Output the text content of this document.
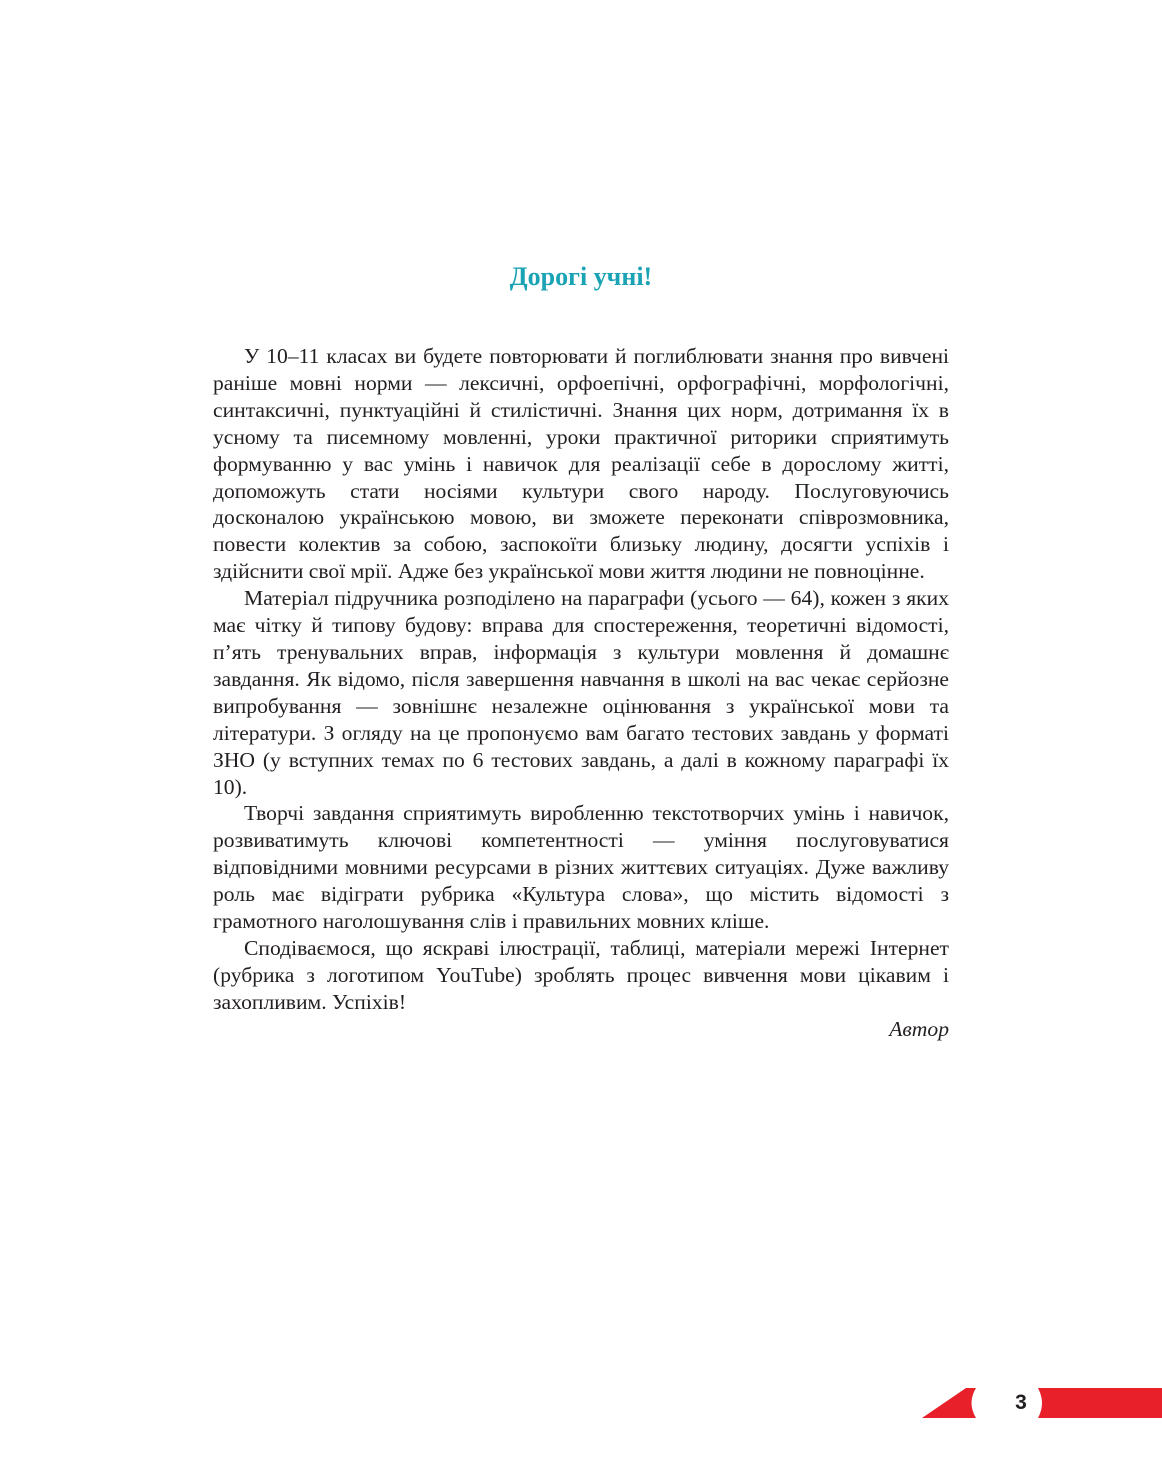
Дорогі учні!

У 10–11 класах ви будете повторювати й поглиблювати знання про вивчені раніше мовні норми — лексичні, орфоепічні, орфографічні, морфологічні, синтаксичні, пунктуаційні й стилістичні. Знання цих норм, дотримання їх в усному та писемному мовленні, уроки практичної риторики сприятимуть формуванню у вас умінь і навичок для реалізації себе в дорослому житті, допоможуть стати носіями культури свого народу. Послуговуючись досконалою українською мовою, ви зможете переконати співрозмовника, повести колектив за собою, заспокоїти близьку людину, досягти успіхів і здійснити свої мрії. Адже без української мови життя людини не повноцінне.

Матеріал підручника розподілено на параграфи (усього — 64), кожен з яких має чітку й типову будову: вправа для спостереження, теоретичні відомості, п’ять тренувальних вправ, інформація з культури мовлення й домашнє завдання. Як відомо, після завершення навчання в школі на вас чекає серйозне випробування — зовнішнє незалежне оцінювання з української мови та літератури. З огляду на це пропонуємо вам багато тестових завдань у форматі ЗНО (у вступних темах по 6 тестових завдань, а далі в кожному параграфі їх 10).

Творчі завдання сприятимуть виробленню текстотворчих умінь і навичок, розвиватимуть ключові компетентності — уміння послуговуватися відповідними мовними ресурсами в різних життєвих ситуаціях. Дуже важливу роль має відіграти рубрика «Культура слова», що містить відомості з грамотного наголошування слів і правильних мовних кліше.

Сподіваємося, що яскраві ілюстрації, таблиці, матеріали мережі Інтернет (рубрика з логотипом YouTube) зроблять процес вивчення мови цікавим і захопливим. Успіхів!

Автор

3
